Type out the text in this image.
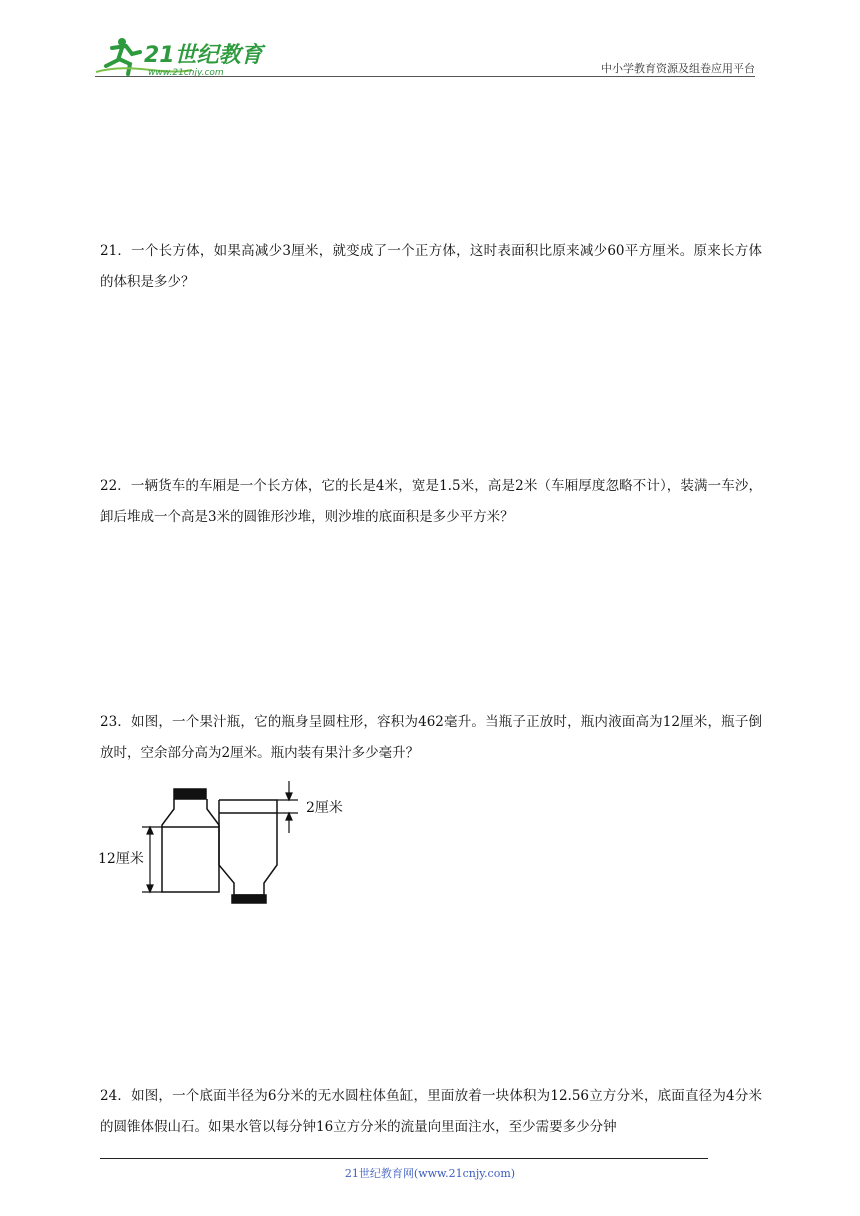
21世纪教育
www.21cnjy.com	中小学教育资源及组卷应用平台
21．一个长方体，如果高减少3厘米，就变成了一个正方体，这时表面积比原来减少60平方厘米。原来长方体的体积是多少？
22．一辆货车的车厢是一个长方体，它的长是4米，宽是1.5米，高是2米（车厢厚度忽略不计），装满一车沙，卸后堆成一个高是3米的圆锥形沙堆，则沙堆的底面积是多少平方米？
23．如图，一个果汁瓶，它的瓶身呈圆柱形，容积为462毫升。当瓶子正放时，瓶内液面高为12厘米，瓶子倒放时，空余部分高为2厘米。瓶内装有果汁多少毫升？
12厘米
2厘米
24．如图，一个底面半径为6分米的无水圆柱体鱼缸，里面放着一块体积为12.56立方分米，底面直径为4分米的圆锥体假山石。如果水管以每分钟16立方分米的流量向里面注水，至少需要多少分钟
21世纪教育网(www.21cnjy.com)
